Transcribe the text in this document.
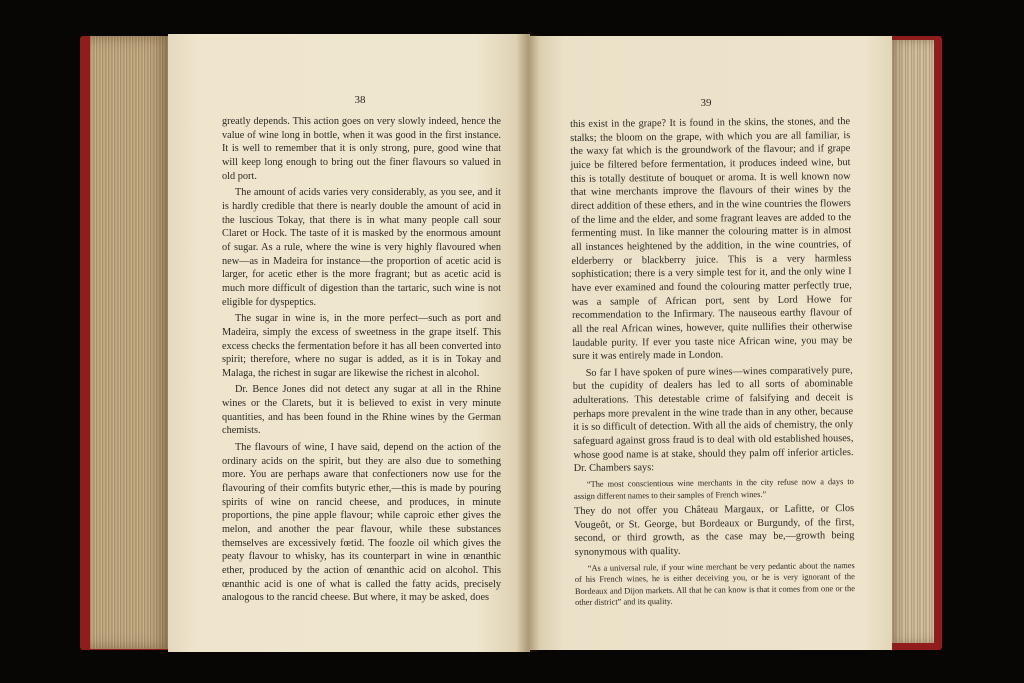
38

greatly depends. This action goes on very slowly indeed, hence the value of wine long in bottle, when it was good in the first instance. It is well to remember that it is only strong, pure, good wine that will keep long enough to bring out the finer flavours so valued in old port.

The amount of acids varies very considerably, as you see, and it is hardly credible that there is nearly double the amount of acid in the luscious Tokay, that there is in what many people call sour Claret or Hock. The taste of it is masked by the enormous amount of sugar. As a rule, where the wine is very highly flavoured when new—as in Madeira for instance—the proportion of acetic acid is larger, for acetic ether is the more fragrant; but as acetic acid is much more difficult of digestion than the tartaric, such wine is not eligible for dyspeptics.

The sugar in wine is, in the more perfect—such as port and Madeira, simply the excess of sweetness in the grape itself. This excess checks the fermentation before it has all been converted into spirit; therefore, where no sugar is added, as it is in Tokay and Malaga, the richest in sugar are likewise the richest in alcohol.

Dr. Bence Jones did not detect any sugar at all in the Rhine wines or the Clarets, but it is believed to exist in very minute quantities, and has been found in the Rhine wines by the German chemists.

The flavours of wine, I have said, depend on the action of the ordinary acids on the spirit, but they are also due to something more. You are perhaps aware that confectioners now use for the flavouring of their comfits butyric ether,—this is made by pouring spirits of wine on rancid cheese, and produces, in minute proportions, the pine apple flavour; while caproic ether gives the melon, and another the pear flavour, while these substances themselves are excessively fœtid. The foozle oil which gives the peaty flavour to whisky, has its counterpart in wine in œnanthic ether, produced by the action of œnanthic acid on alcohol. This œnanthic acid is one of what is called the fatty acids, precisely analogous to the rancid cheese. But where, it may be asked, does

39

this exist in the grape? It is found in the skins, the stones, and the stalks; the bloom on the grape, with which you are all familiar, is the waxy fat which is the groundwork of the flavour; and if grape juice be filtered before fermentation, it produces indeed wine, but this is totally destitute of bouquet or aroma. It is well known now that wine merchants improve the flavours of their wines by the direct addition of these ethers, and in the wine countries the flowers of the lime and the elder, and some fragrant leaves are added to the fermenting must. In like manner the colouring matter is in almost all instances heightened by the addition, in the wine countries, of elderberry or blackberry juice. This is a very harmless sophistication; there is a very simple test for it, and the only wine I have ever examined and found the colouring matter perfectly true, was a sample of African port, sent by Lord Howe for recommendation to the Infirmary. The nauseous earthy flavour of all the real African wines, however, quite nullifies their otherwise laudable purity. If ever you taste nice African wine, you may be sure it was entirely made in London.

So far I have spoken of pure wines—wines comparatively pure, but the cupidity of dealers has led to all sorts of abominable adulterations. This detestable crime of falsifying and deceit is perhaps more prevalent in the wine trade than in any other, because it is so difficult of detection. With all the aids of chemistry, the only safeguard against gross fraud is to deal with old established houses, whose good name is at stake, should they palm off inferior articles. Dr. Chambers says:

“The most conscientious wine merchants in the city refuse now a days to assign different names to their samples of French wines.”

They do not offer you Château Margaux, or Lafitte, or Clos Vougeôt, or St. George, but Bordeaux or Burgundy, of the first, second, or third growth, as the case may be,—growth being synonymous with quality.

“As a universal rule, if your wine merchant be very pedantic about the names of his French wines, he is either deceiving you, or he is very ignorant of the Bordeaux and Dijon markets. All that he can know is that it comes from one or the other district” and its quality.
